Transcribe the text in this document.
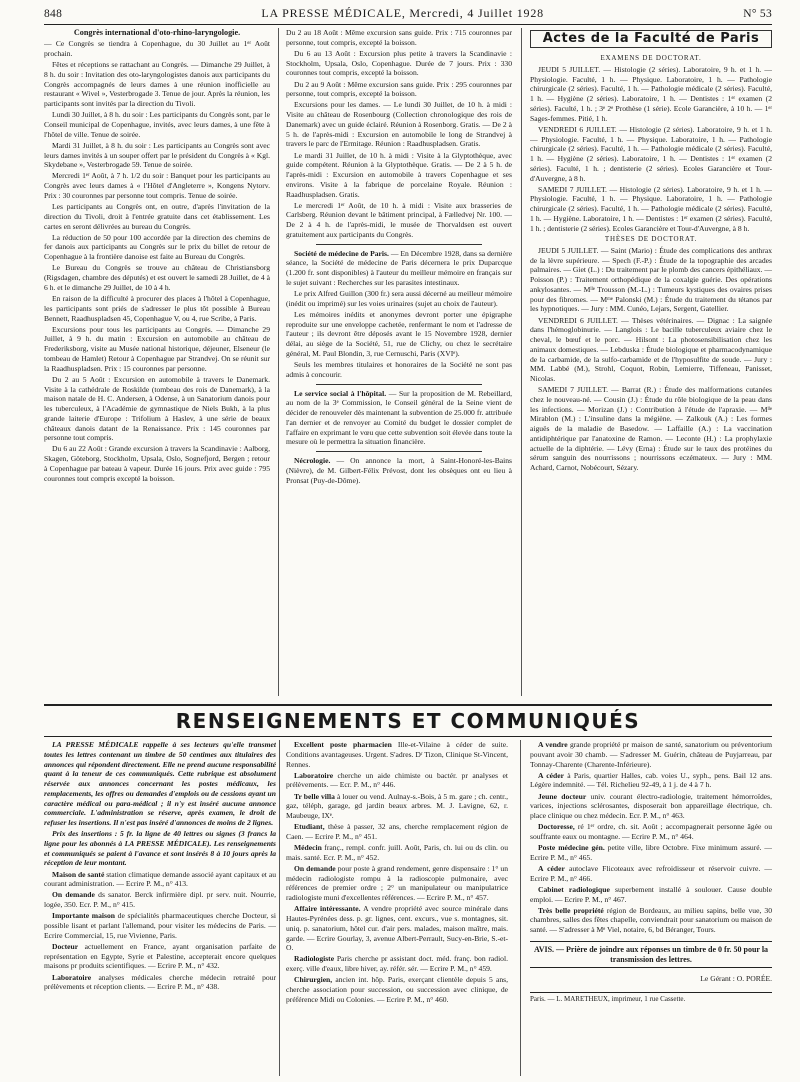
848	LA PRESSE MÉDICALE, Mercredi, 4 Juillet 1928	N° 53

Congrès international d'oto-rhino-laryngologie.

— Ce Congrès se tiendra à Copenhague, du 30 Juillet au 1ᵉʳ Août prochain.

Fêtes et réceptions se rattachant au Congrès. — Dimanche 29 Juillet, à 8 h. du soir : Invitation des oto-laryngologistes danois aux participants du Congrès accompagnés de leurs dames à une réunion inofficielle au restaurant « Wivel », Vesterbrogade 3. Tenue de jour. Après la réunion, les participants sont invités par la direction du Tivoli.

Lundi 30 Juillet, à 8 h. du soir : Les participants du Congrès sont, par le Conseil municipal de Copenhague, invités, avec leurs dames, à une fête à l'hôtel de ville. Tenue de soirée.

Mardi 31 Juillet, à 8 h. du soir : Les participants au Congrès sont avec leurs dames invités à un souper offert par le président du Congrès à « Kgl. Skydebane », Vesterbrogade 59. Tenue de soirée.

Mercredi 1ᵉʳ Août, à 7 h. 1/2 du soir : Banquet pour les participants au Congrès avec leurs dames à « l'Hôtel d'Angleterre », Kongens Nytorv. Prix : 30 couronnes par personne tout compris. Tenue de soirée.

Les participants au Congrès ont, en outre, d'après l'invitation de la direction du Tivoli, droit à l'entrée gratuite dans cet établissement. Les cartes en seront délivrées au bureau du Congrès.

La réduction de 50 pour 100 accordée par la direction des chemins de fer danois aux participants au Congrès sur le prix du billet de retour de Copenhague à la frontière danoise est faite au Bureau du Congrès.

Le Bureau du Congrès se trouve au château de Christiansborg (Rigsdagen, chambre des députés) et est ouvert le samedi 28 Juillet, de 4 à 6 h. et le dimanche 29 Juillet, de 10 à 4 h.

En raison de la difficulté à procurer des places à l'hôtel à Copenhague, les participants sont priés de s'adresser le plus tôt possible à Bureau Bennett, Raadhuspladsen 45, Copenhague V, ou 4, rue Scribe, à Paris.

Excursions pour tous les participants au Congrès. — Dimanche 29 Juillet, à 9 h. du matin : Excursion en automobile au château de Frederiksborg, visite au Musée national historique, déjeuner, Elseneur (le tombeau de Hamlet) Retour à Copenhague par Strandvej. On se réunit sur la Raadhuspladsen. Prix : 15 couronnes par personne.

Du 2 au 5 Août : Excursion en automobile à travers le Danemark. Visite à la cathédrale de Roskilde (tombeau des rois de Danemark), à la maison natale de H. C. Andersen, à Odense, à un Sanatorium danois pour les tuberculeux, à l'Académie de gymnastique de Niels Bukh, à la plus grande laiterie d'Europe : Trifolium à Haslev, à une série de beaux châteaux danois datant de la Renaissance. Prix : 145 couronnes par personne tout compris.

Du 6 au 22 Août : Grande excursion à travers la Scandinavie : Aalborg, Skagen, Göteborg, Stockholm, Upsala, Oslo, Sognefjord, Bergen ; retour à Copenhague par bateau à vapeur. Durée 16 jours. Prix avec guide : 795 couronnes tout compris excepté la boisson.

Du 2 au 18 Août : Même excursion sans guide. Prix : 715 couronnes par personne, tout compris, excepté la boisson.

Du 6 au 13 Août : Excursion plus petite à travers la Scandinavie : Stockholm, Upsala, Oslo, Copenhague. Durée de 7 jours. Prix : 330 couronnes tout compris, excepté la boisson.

Du 2 au 9 Août : Même excursion sans guide. Prix : 295 couronnes par personne, tout compris, excepté la boisson.

Excursions pour les dames. — Le lundi 30 Juillet, de 10 h. à midi : Visite au château de Rosenbourg (Collection chronologique des rois de Danemark) avec un guide éclairé. Réunion à Rosenborg. Gratis. — De 2 à 5 h. de l'après-midi : Excursion en automobile le long de Strandvej à travers le parc de l'Ermitage. Réunion : Raadhuspladsen. Gratis.

Le mardi 31 Juillet, de 10 h. à midi : Visite à la Glyptothèque, avec guide compétent. Réunion à la Glyptothèque. Gratis. — De 2 à 5 h. de l'après-midi : Excursion en automobile à travers Copenhague et ses environs. Visite à la fabrique de porcelaine Royale. Réunion : Raadhuspladsen. Gratis.

Le mercredi 1ᵉʳ Août, de 10 h. à midi : Visite aux brasseries de Carlsberg. Réunion devant le bâtiment principal, à Fælledvej Nr. 100. — De 2 à 4 h. de l'après-midi, le musée de Thorvaldsen est ouvert gratuitement aux participants du Congrès.

Société de médecine de Paris. — En Décembre 1928, dans sa dernière séance, la Société de médecine de Paris décernera le prix Duparcque (1.200 fr. sont disponibles) à l'auteur du meilleur mémoire en français sur le sujet suivant : Recherches sur les parasites intestinaux.

Le prix Alfred Guillon (300 fr.) sera aussi décerné au meilleur mémoire (inédit ou imprimé) sur les voies urinaires (sujet au choix de l'auteur).

Les mémoires inédits et anonymes devront porter une épigraphe reproduite sur une enveloppe cachetée, renfermant le nom et l'adresse de l'auteur ; ils devront être déposés avant le 15 Novembre 1928, dernier délai, au siège de la Société, 51, rue de Clichy, ou chez le secrétaire général, M. Paul Blondin, 3, rue Cernuschi, Paris (XVIᵉ).

Seuls les membres titulaires et honoraires de la Société ne sont pas admis à concourir.

Le service social à l'hôpital. — Sur la proposition de M. Rebeillard, au nom de la 3ᵉ Commission, le Conseil général de la Seine vient de décider de renouveler dès maintenant la subvention de 25.000 fr. attribuée l'an dernier et de renvoyer au Comité du budget le dossier complet de l'affaire en exprimant le vœu que cette subvention soit élevée dans toute la mesure où le permettra la situation financière.

Nécrologie. — On annonce la mort, à Saint-Honoré-les-Bains (Nièvre), de M. Gilbert-Félix Prévost, dont les obsèques ont eu lieu à Pronsat (Puy-de-Dôme).

Actes de la Faculté de Paris

EXAMENS DE DOCTORAT.

JEUDI 5 JUILLET. — Histologie (2 séries). Laboratoire, 9 h. et 1 h. — Physiologie. Faculté, 1 h. — Physique. Laboratoire, 1 h. — Pathologie chirurgicale (2 séries). Faculté, 1 h. — Pathologie médicale (2 séries). Faculté, 1 h. — Hygiène (2 séries). Laboratoire, 1 h. — Dentistes : 1ᵉʳ examen (2 séries). Faculté, 1 h. ; 3ᵉ 2ᵉ Prothèse (1 série). Ecole Garancière, à 10 h. — 1ᵉʳ Sages-femmes. Pitié, 1 h.

VENDREDI 6 JUILLET. — Histologie (2 séries). Laboratoire, 9 h. et 1 h. — Physiologie. Faculté, 1 h. — Physique. Laboratoire, 1 h. — Pathologie chirurgicale (2 séries). Faculté, 1 h. — Pathologie médicale (2 séries). Faculté, 1 h. — Hygiène (2 séries). Laboratoire, 1 h. — Dentistes : 1ᵉʳ examen (2 séries). Faculté, 1 h. ; dentisterie (2 séries). Ecoles Garancière et Tour-d'Auvergne, à 8 h.

SAMEDI 7 JUILLET. — Histologie (2 séries). Laboratoire, 9 h. et 1 h. — Physiologie. Faculté, 1 h. — Physique. Laboratoire, 1 h. — Pathologie chirurgicale (2 séries). Faculté, 1 h. — Pathologie médicale (2 séries). Faculté, 1 h. — Hygiène. Laboratoire, 1 h. — Dentistes : 1ᵉʳ examen (2 séries). Faculté, 1 h. ; dentisterie (2 séries). Ecoles Garancière et Tour-d'Auvergne, à 8 h.

THÈSES DE DOCTORAT.

JEUDI 5 JUILLET. — Saint (Mario) : Étude des complications des anthrax de la lèvre supérieure. — Spech (F.-P.) : Étude de la topographie des arcades palmaires. — Giet (L.) : Du traitement par le plomb des cancers épithéliaux. — Poisson (P.) : Traitement orthopédique de la coxalgie guérie. Des opérations ankylosantes. — Mˡˡᵉ Trousson (M.-L.) : Tumeurs kystiques des ovaires prises pour des fibromes. — Mᵐᵉ Palonski (M.) : Étude du traitement du tétanos par les hypnotiques. — Jury : MM. Cunéo, Lejars, Sergent, Gatellier.

VENDREDI 6 JUILLET. — Thèses vétérinaires. — Dignac : La saignée dans l'hémoglobinurie. — Langlois : Le bacille tuberculeux aviaire chez le cheval, le bœuf et le porc. — Hilsont : La photosensibilisation chez les animaux domestiques. — Lebduska : Étude biologique et pharmacodynamique de la carbamide, de la sulfo-carbamide et de l'hyposulfite de soude. — Jury : MM. Labbé (M.), Strohl, Coquot, Robin, Lemierre, Tiffeneau, Panisset, Nicolas.

SAMEDI 7 JUILLET. — Barrat (R.) : Étude des malformations cutanées chez le nouveau-né. — Cousin (J.) : Étude du rôle biologique de la peau dans les infections. — Morizan (J.) : Contribution à l'étude de l'apraxie. — Mˡˡᵉ Mirablon (M.) : L'insuline dans la mégiène. — Zalkouk (A.) : Les formes aiguës de la maladie de Basedow. — Laffaille (A.) : La vaccination antidiphtérique par l'anatoxine de Ramon. — Leconte (H.) : La prophylaxie actuelle de la diphtérie. — Lévy (Erna) : Étude sur le taux des protéines du sérum sanguin des nourrissons ; nourrissons eczémateux. — Jury : MM. Achard, Carnot, Nobécourt, Sézary.

RENSEIGNEMENTS ET COMMUNIQUÉS

LA PRESSE MÉDICALE rappelle à ses lecteurs qu'elle transmet toutes les lettres contenant un timbre de 50 centimes aux titulaires des annonces qui répondent directement. Elle ne prend aucune responsabilité quant à la teneur de ces communiqués. Cette rubrique est absolument réservée aux annonces concernant les postes médicaux, les remplacements, les offres ou demandes d'emplois ou de cessions ayant un caractère médical ou para-médical ; il n'y est inséré aucune annonce commerciale. L'administration se réserve, après examen, le droit de refuser les insertions. Il n'est pas inséré d'annonces de moins de 2 lignes.

Prix des insertions : 5 fr. la ligne de 40 lettres ou signes (3 francs la ligne pour les abonnés à LA PRESSE MÉDICALE). Les renseignements et communiqués se paient à l'avance et sont insérés 8 à 10 jours après la réception de leur montant.

Maison de santé station climatique demande associé ayant capitaux et au courant administration. — Ecrire P. M., n° 413.

On demande ds sanator. Berck infirmière dipl. pr serv. nuit. Nourrie, logée, 350. Ecr. P. M., n° 415.

Importante maison de spécialités pharmaceutiques cherche Docteur, si possible lisant et parlant l'allemand, pour visiter les médecins de Paris. — Ecrire Commercial, 15, rue Vivienne, Paris.

Docteur actuellement en France, ayant organisation parfaite de représentation en Egypte, Syrie et Palestine, accepterait encore quelques maisons pr produits scientifiques. — Ecrire P. M., n° 432.

Laboratoire analyses médicales cherche médecin retraité pour prélèvements et réception clients. — Ecrire P. M., n° 438.

Excellent poste pharmacien Ille-et-Vilaine à céder de suite. Conditions avantageuses. Urgent. S'adres. Dʳ Tizon, Clinique St-Vincent, Rennes.

Laboratoire cherche un aide chimiste ou bactér. pr analyses et prélèvements. — Ecr. P. M., n° 446.

Tr belle villa à louer ou vend. Aulnay-s.-Bois, à 5 m. gare ; ch. centr., gaz, téléph, garage, gd jardin beaux arbres. M. J. Lavigne, 62, r. Maubeuge, IXᵉ.

Etudiant, thèse à passer, 32 ans, cherche remplacement région de Caen. — Ecrire P. M., n° 451.

Médecin franç., rempl. confr. juill. Août, Paris, ch. lui ou ds clin. ou mais. santé. Ecr. P. M., n° 452.

On demande pour poste à grand rendement, genre dispensaire : 1° un médecin radiologiste rompu à la radioscopie pulmonaire, avec références de premier ordre ; 2° un manipulateur ou manipulatrice radiologiste muni d'excellentes références. — Ecrire P. M., n° 457.

Affaire intéressante. A vendre propriété avec source minérale dans Hautes-Pyrénées dess. p. gr. lignes, cent. excurs., vue s. montagnes, sit. uniq. p. sanatorium, hôtel cur. d'air pers. malades, maison maître, mais. garde. — Ecrire Gourlay, 3, avenue Albert-Perrault, Sucy-en-Brie, S.-et-O.

Radiologiste Paris cherche pr assistant doct. méd. franç. bon radiol. exerç. ville d'eaux, libre hiver, ay. référ. sér. — Ecrire P. M., n° 459.

Chirurgien, ancien int. hôp. Paris, exerçant clientèle depuis 5 ans, cherche association pour succession, ou succession avec clinique, de préférence Midi ou Colonies. — Ecrire P. M., n° 460.

A vendre grande propriété pr maison de santé, sanatorium ou préventorium pouvant avoir 30 chamb. — S'adresser M. Guérin, château de Puyjarreau, par Tonnay-Charente (Charente-Inférieure).

A céder à Paris, quartier Halles, cab. voies U., syph., pens. Bail 12 ans. Légère indemnité. — Tél. Richelieu 92-49, à 1 j. de 4 à 7 h.

Jeune docteur univ. courant électro-radiologie, traitement hémorroïdes, varices, injections sclérosantes, disposerait bon appareillage électrique, ch. place clinique ou chez médecin. Ecr. P. M., n° 463.

Doctoresse, ré 1ᵉʳ ordre, ch. sit. Août ; accompagnerait personne âgée ou souffrante eaux ou montagne. — Ecrire P. M., n° 464.

Poste médecine gén. petite ville, libre Octobre. Fixe minimum assuré. — Ecrire P. M., n° 465.

A céder autoclave Flicoteaux avec refroidisseur et réservoir cuivre. — Ecrire P. M., n° 466.

Cabinet radiologique superbement installé à soulouer. Cause double emploi. — Ecrire P. M., n° 467.

Très belle propriété région de Bordeaux, au milieu sapins, belle vue, 30 chambres, salles des fêtes chapelle, conviendrait pour sanatorium ou maison de santé. — S'adresser à Mᵉ Viel, notaire, 6, bd Béranger, Tours.

AVIS. — Prière de joindre aux réponses un timbre de 0 fr. 50 pour la transmission des lettres.
Le Gérant : O. PORÉE.
Paris. — L. MARETHEUX, imprimeur, 1 rue Cassette.
